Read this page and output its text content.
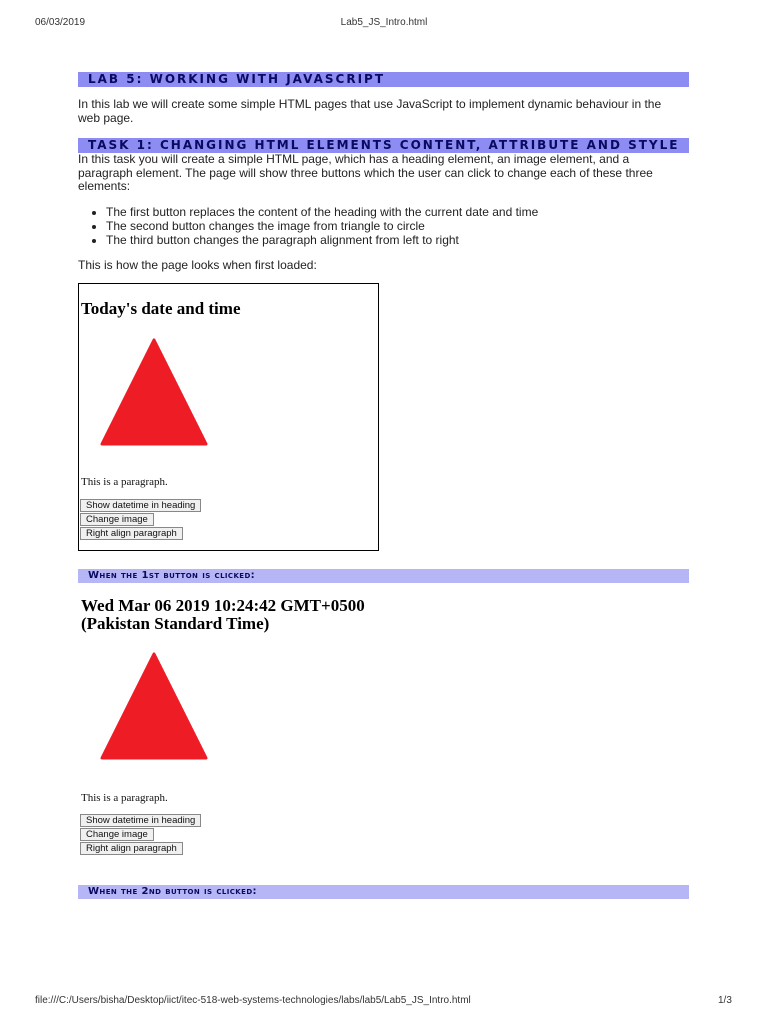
06/03/2019	Lab5_JS_Intro.html
LAB 5: WORKING WITH JAVASCRIPT
In this lab we will create some simple HTML pages that use JavaScript to implement dynamic behaviour in the web page.
TASK 1: CHANGING HTML ELEMENTS CONTENT, ATTRIBUTE AND STYLE
In this task you will create a simple HTML page, which has a heading element, an image element, and a paragraph element. The page will show three buttons which the user can click to change each of these three elements:
• The first button replaces the content of the heading with the current date and time
• The second button changes the image from triangle to circle
• The third button changes the paragraph alignment from left to right
This is how the page looks when first loaded:
Today's date and time
This is a paragraph.
Show datetime in heading
Change image
Right align paragraph
When the 1st button is clicked:
Wed Mar 06 2019 10:24:42 GMT+0500
(Pakistan Standard Time)
This is a paragraph.
Show datetime in heading
Change image
Right align paragraph
When the 2nd button is clicked:
file:///C:/Users/bisha/Desktop/iict/itec-518-web-systems-technologies/labs/lab5/Lab5_JS_Intro.html	1/3
